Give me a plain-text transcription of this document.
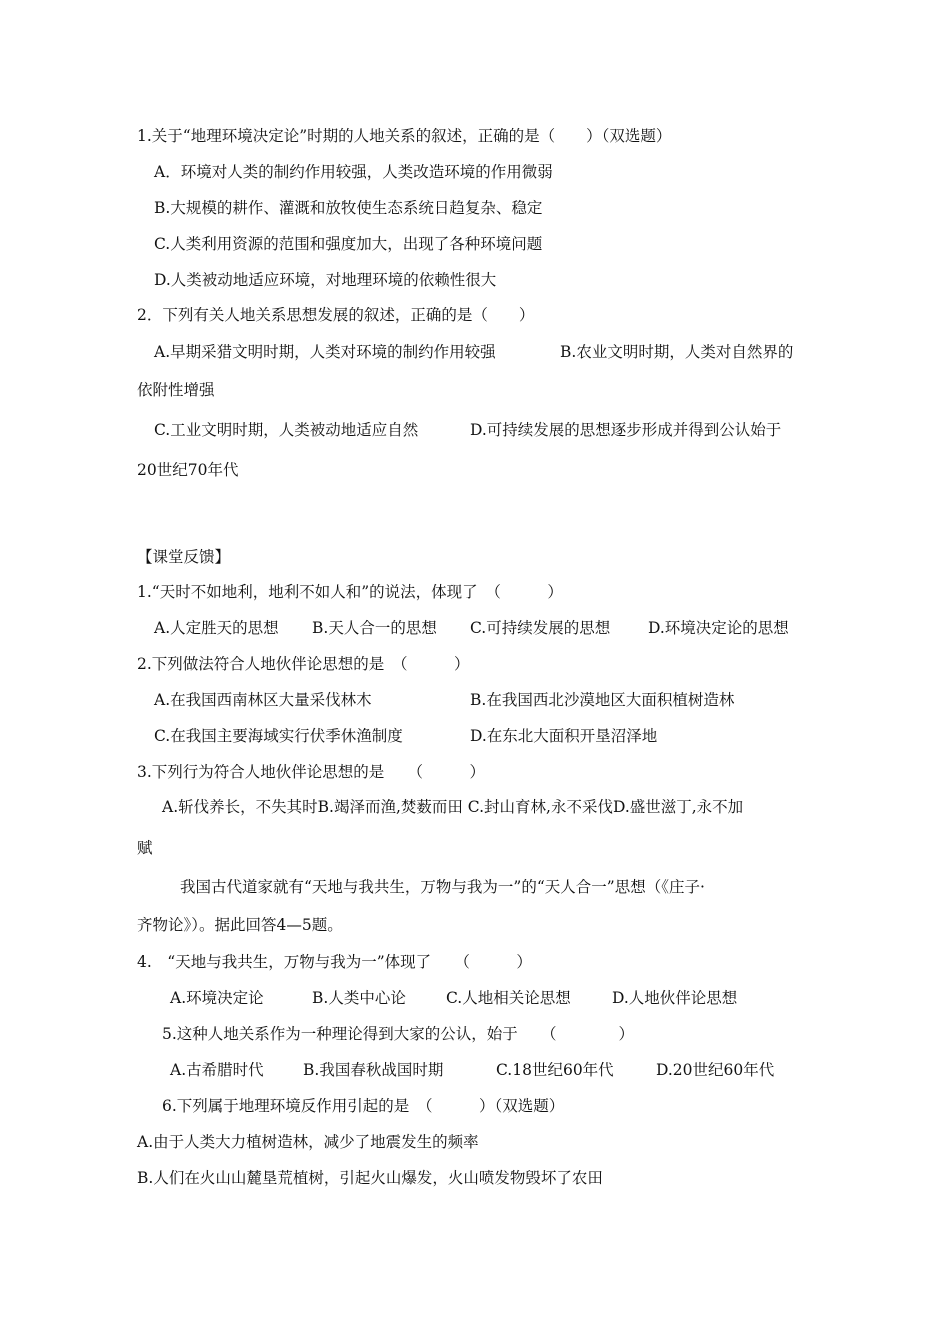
1.关于“地理环境决定论”时期的人地关系的叙述，正确的是（　　）（双选题）
A．环境对人类的制约作用较强，人类改造环境的作用微弱
B.大规模的耕作、灌溉和放牧使生态系统日趋复杂、稳定
C.人类利用资源的范围和强度加大，出现了各种环境问题
D.人类被动地适应环境，对地理环境的依赖性很大
2．下列有关人地关系思想发展的叙述，正确的是（　　）
A.早期采猎文明时期，人类对环境的制约作用较强	B.农业文明时期，人类对自然界的
依附性增强
C.工业文明时期，人类被动地适应自然	D.可持续发展的思想逐步形成并得到公认始于
20世纪70年代
【课堂反馈】
1.“天时不如地利，地利不如人和”的说法，体现了　（　　　）
A.人定胜天的思想 B.天人合一的思想 C.可持续发展的思想 D.环境决定论的思想
2.下列做法符合人地伙伴论思想的是　（　　　）
A.在我国西南林区大量采伐林木	B.在我国西北沙漠地区大面积植树造林
C.在我国主要海域实行伏季休渔制度	D.在东北大面积开垦沼泽地
3.下列行为符合人地伙伴论思想的是　　（　　　）
A.斩伐养长，不失其时B.竭泽而渔,焚薮而田 C.封山育林,永不采伐D.盛世滋丁,永不加
赋
我国古代道家就有“天地与我共生，万物与我为一”的“天人合一”思想（《庄子·
齐物论》）。据此回答4—5题。
4.　“天地与我共生，万物与我为一”体现了　　（　　　）
A.环境决定论	B.人类中心论	C.人地相关论思想	D.人地伙伴论思想
5.这种人地关系作为一种理论得到大家的公认，始于　　（　　　　）
A.古希腊时代	B.我国春秋战国时期	C.18世纪60年代	D.20世纪60年代
6.下列属于地理环境反作用引起的是　（　　　）（双选题）
A.由于人类大力植树造林，减少了地震发生的频率
B.人们在火山山麓垦荒植树，引起火山爆发，火山喷发物毁坏了农田
